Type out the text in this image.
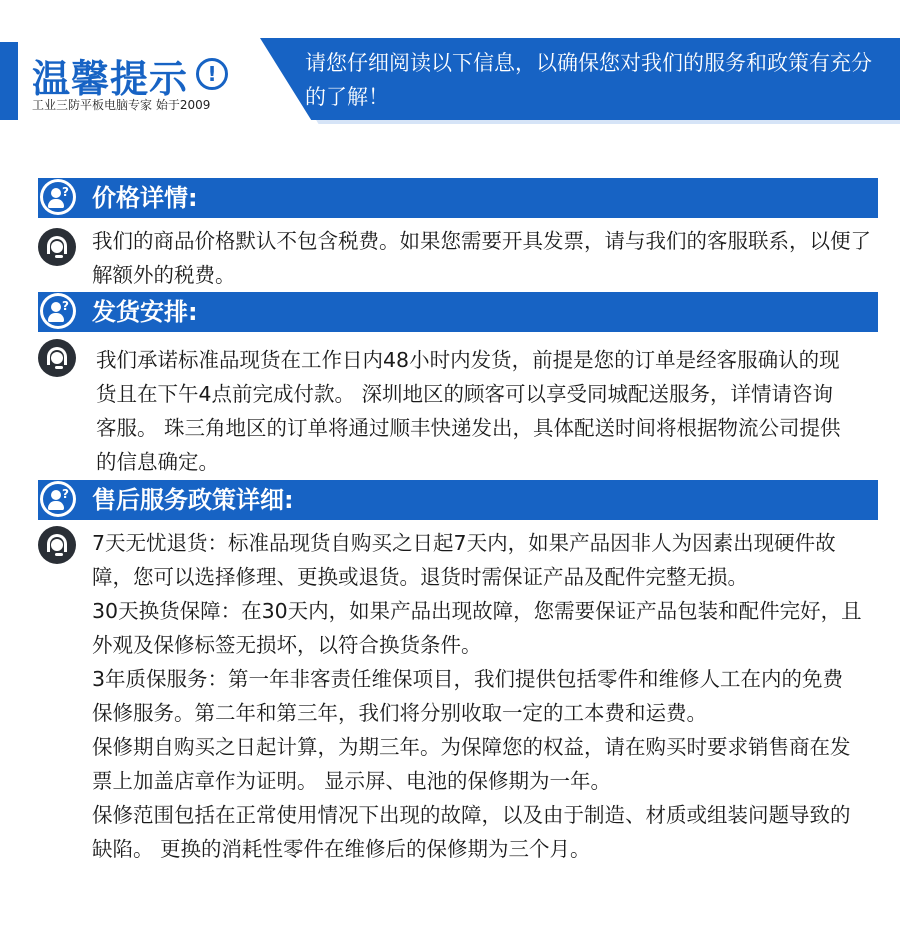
温馨提示 !
工业三防平板电脑专家 始于2009
请您仔细阅读以下信息，以确保您对我们的服务和政策有充分的了解！
? 价格详情:

我们的商品价格默认不包含税费。如果您需要开具发票，请与我们的客服联系，以便了解额外的税费。

? 发货安排:

我们承诺标准品现货在工作日内48小时内发货，前提是您的订单是经客服确认的现货且在下午4点前完成付款。 深圳地区的顾客可以享受同城配送服务，详情请咨询客服。 珠三角地区的订单将通过顺丰快递发出，具体配送时间将根据物流公司提供的信息确定。

? 售后服务政策详细:

7天无忧退货：标准品现货自购买之日起7天内，如果产品因非人为因素出现硬件故障，您可以选择修理、更换或退货。退货时需保证产品及配件完整无损。

30天换货保障：在30天内，如果产品出现故障，您需要保证产品包装和配件完好，且外观及保修标签无损坏，以符合换货条件。

3年质保服务：第一年非客责任维保项目，我们提供包括零件和维修人工在内的免费保修服务。第二年和第三年，我们将分别收取一定的工本费和运费。

保修期自购买之日起计算，为期三年。为保障您的权益，请在购买时要求销售商在发票上加盖店章作为证明。 显示屏、电池的保修期为一年。

保修范围包括在正常使用情况下出现的故障，以及由于制造、材质或组装问题导致的缺陷。 更换的消耗性零件在维修后的保修期为三个月。
